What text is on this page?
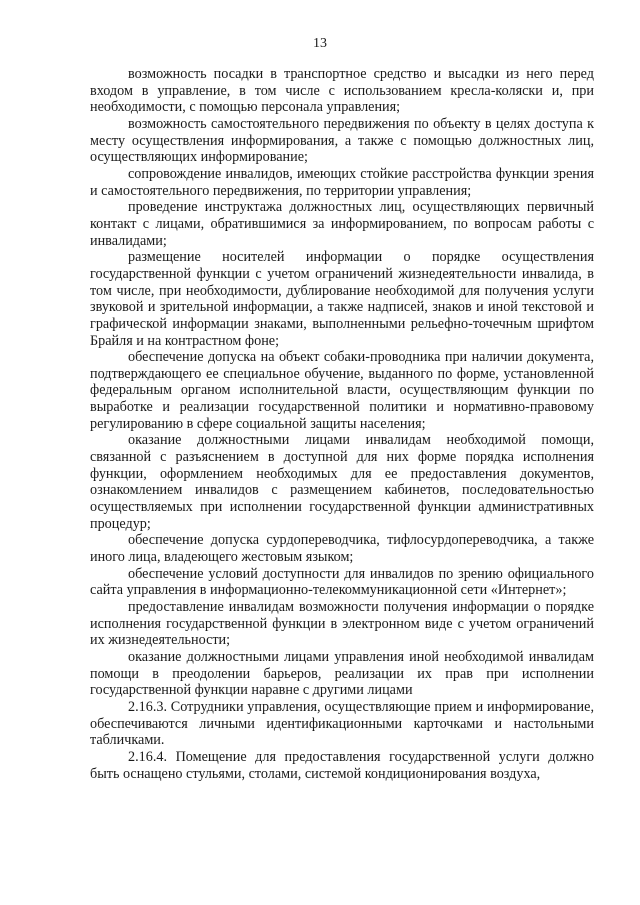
13

возможность посадки в транспортное средство и высадки из него перед входом в управление, в том числе с использованием кресла-коляски и, при необходимости, с помощью персонала управления;

возможность самостоятельного передвижения по объекту в целях доступа к месту осуществления информирования, а также с помощью должностных лиц, осуществляющих информирование;

сопровождение инвалидов, имеющих стойкие расстройства функции зрения и самостоятельного передвижения, по территории управления;

проведение инструктажа должностных лиц, осуществляющих первичный контакт с лицами, обратившимися за информированием, по вопросам работы с инвалидами;

размещение носителей информации о порядке осуществления государственной функции с учетом ограничений жизнедеятельности инвалида, в том числе, при необходимости, дублирование необходимой для получения услуги звуковой и зрительной информации, а также надписей, знаков и иной текстовой и графической информации знаками, выполненными рельефно-точечным шрифтом Брайля и на контрастном фоне;

обеспечение допуска на объект собаки-проводника при наличии документа, подтверждающего ее специальное обучение, выданного по форме, установленной федеральным органом исполнительной власти, осуществляющим функции по выработке и реализации государственной политики и нормативно-правовому регулированию в сфере социальной защиты населения;

оказание должностными лицами инвалидам необходимой помощи, связанной с разъяснением в доступной для них форме порядка исполнения функции, оформлением необходимых для ее предоставления документов, ознакомлением инвалидов с размещением кабинетов, последовательностью осуществляемых при исполнении государственной функции административных процедур;

обеспечение допуска сурдопереводчика, тифлосурдопереводчика, а также иного лица, владеющего жестовым языком;

обеспечение условий доступности для инвалидов по зрению официального сайта управления в информационно-телекоммуникационной сети «Интернет»;

предоставление инвалидам возможности получения информации о порядке исполнения государственной функции в электронном виде с учетом ограничений их жизнедеятельности;

оказание должностными лицами управления иной необходимой инвалидам помощи в преодолении барьеров, реализации их прав при исполнении государственной функции наравне с другими лицами

2.16.3. Сотрудники управления, осуществляющие прием и информирование, обеспечиваются личными идентификационными карточками и настольными табличками.

2.16.4. Помещение для предоставления государственной услуги должно быть оснащено стульями, столами, системой кондиционирования воздуха,
